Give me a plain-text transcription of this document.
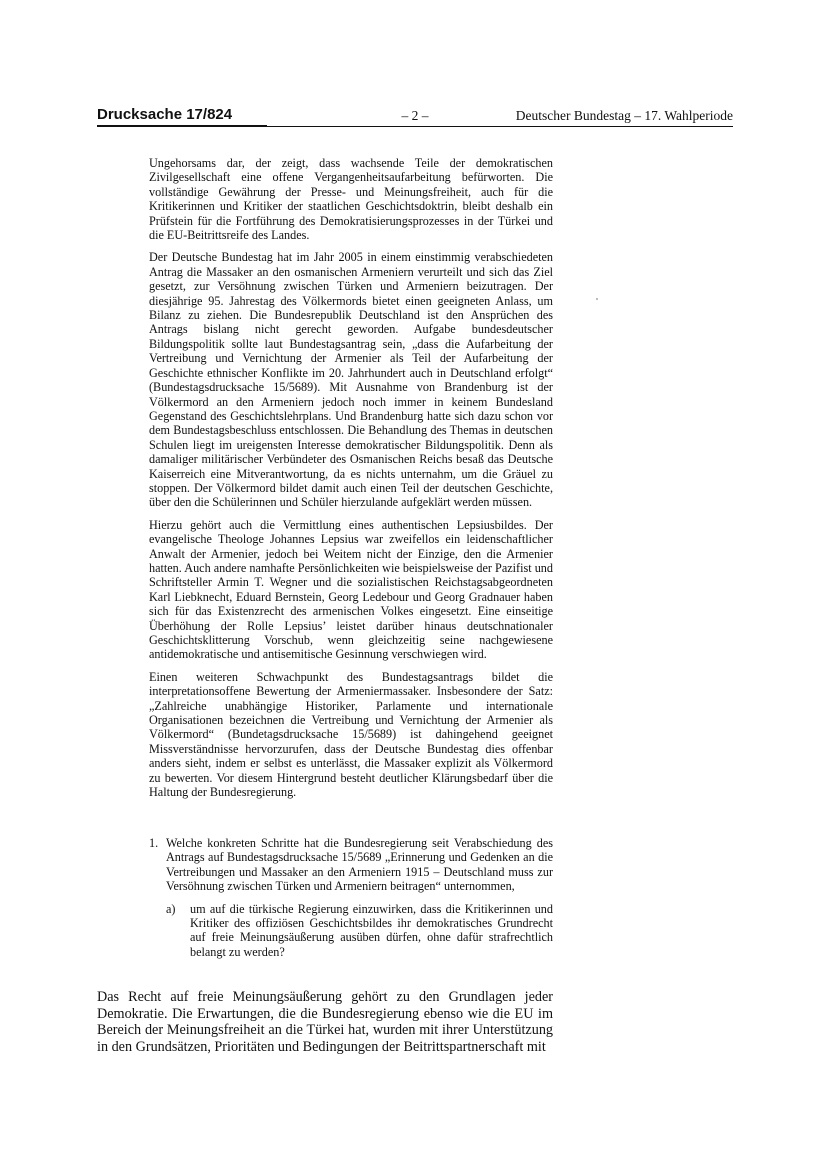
Drucksache 17/824	– 2 –	Deutscher Bundestag – 17. Wahlperiode

Ungehorsams dar, der zeigt, dass wachsende Teile der demokratischen Zivilgesellschaft eine offene Vergangenheitsaufarbeitung befürworten. Die vollständige Gewährung der Presse- und Meinungsfreiheit, auch für die Kritikerinnen und Kritiker der staatlichen Geschichtsdoktrin, bleibt deshalb ein Prüfstein für die Fortführung des Demokratisierungsprozesses in der Türkei und die EU-Beitrittsreife des Landes.

Der Deutsche Bundestag hat im Jahr 2005 in einem einstimmig verabschiedeten Antrag die Massaker an den osmanischen Armeniern verurteilt und sich das Ziel gesetzt, zur Versöhnung zwischen Türken und Armeniern beizutragen. Der diesjährige 95. Jahrestag des Völkermords bietet einen geeigneten Anlass, um Bilanz zu ziehen. Die Bundesrepublik Deutschland ist den Ansprüchen des Antrags bislang nicht gerecht geworden. Aufgabe bundesdeutscher Bildungspolitik sollte laut Bundestagsantrag sein, „dass die Aufarbeitung der Vertreibung und Vernichtung der Armenier als Teil der Aufarbeitung der Geschichte ethnischer Konflikte im 20. Jahrhundert auch in Deutschland erfolgt“ (Bundestagsdrucksache 15/5689). Mit Ausnahme von Brandenburg ist der Völkermord an den Armeniern jedoch noch immer in keinem Bundesland Gegenstand des Geschichtslehrplans. Und Brandenburg hatte sich dazu schon vor dem Bundestagsbeschluss entschlossen. Die Behandlung des Themas in deutschen Schulen liegt im ureigensten Interesse demokratischer Bildungspolitik. Denn als damaliger militärischer Verbündeter des Osmanischen Reichs besaß das Deutsche Kaiserreich eine Mitverantwortung, da es nichts unternahm, um die Gräuel zu stoppen. Der Völkermord bildet damit auch einen Teil der deutschen Geschichte, über den die Schülerinnen und Schüler hierzulande aufgeklärt werden müssen.

Hierzu gehört auch die Vermittlung eines authentischen Lepsiusbildes. Der evangelische Theologe Johannes Lepsius war zweifellos ein leidenschaftlicher Anwalt der Armenier, jedoch bei Weitem nicht der Einzige, den die Armenier hatten. Auch andere namhafte Persönlichkeiten wie beispielsweise der Pazifist und Schriftsteller Armin T. Wegner und die sozialistischen Reichstagsabgeordneten Karl Liebknecht, Eduard Bernstein, Georg Ledebour und Georg Gradnauer haben sich für das Existenzrecht des armenischen Volkes eingesetzt. Eine einseitige Überhöhung der Rolle Lepsius’ leistet darüber hinaus deutschnationaler Geschichtsklitterung Vorschub, wenn gleichzeitig seine nachgewiesene antidemokratische und antisemitische Gesinnung verschwiegen wird.

Einen weiteren Schwachpunkt des Bundestagsantrags bildet die interpretationsoffene Bewertung der Armeniermassaker. Insbesondere der Satz: „Zahlreiche unabhängige Historiker, Parlamente und internationale Organisationen bezeichnen die Vertreibung und Vernichtung der Armenier als Völkermord“ (Bundetagsdrucksache 15/5689) ist dahingehend geeignet Missverständnisse hervorzurufen, dass der Deutsche Bundestag dies offenbar anders sieht, indem er selbst es unterlässt, die Massaker explizit als Völkermord zu bewerten. Vor diesem Hintergrund besteht deutlicher Klärungsbedarf über die Haltung der Bundesregierung.

1. Welche konkreten Schritte hat die Bundesregierung seit Verabschiedung des Antrags auf Bundestagsdrucksache 15/5689 „Erinnerung und Gedenken an die Vertreibungen und Massaker an den Armeniern 1915 – Deutschland muss zur Versöhnung zwischen Türken und Armeniern beitragen“ unternommen,
a) um auf die türkische Regierung einzuwirken, dass die Kritikerinnen und Kritiker des offiziösen Geschichtsbildes ihr demokratisches Grundrecht auf freie Meinungsäußerung ausüben dürfen, ohne dafür strafrechtlich belangt zu werden?

Das Recht auf freie Meinungsäußerung gehört zu den Grundlagen jeder Demokratie. Die Erwartungen, die die Bundesregierung ebenso wie die EU im Bereich der Meinungsfreiheit an die Türkei hat, wurden mit ihrer Unterstützung in den Grundsätzen, Prioritäten und Bedingungen der Beitrittspartnerschaft mit
